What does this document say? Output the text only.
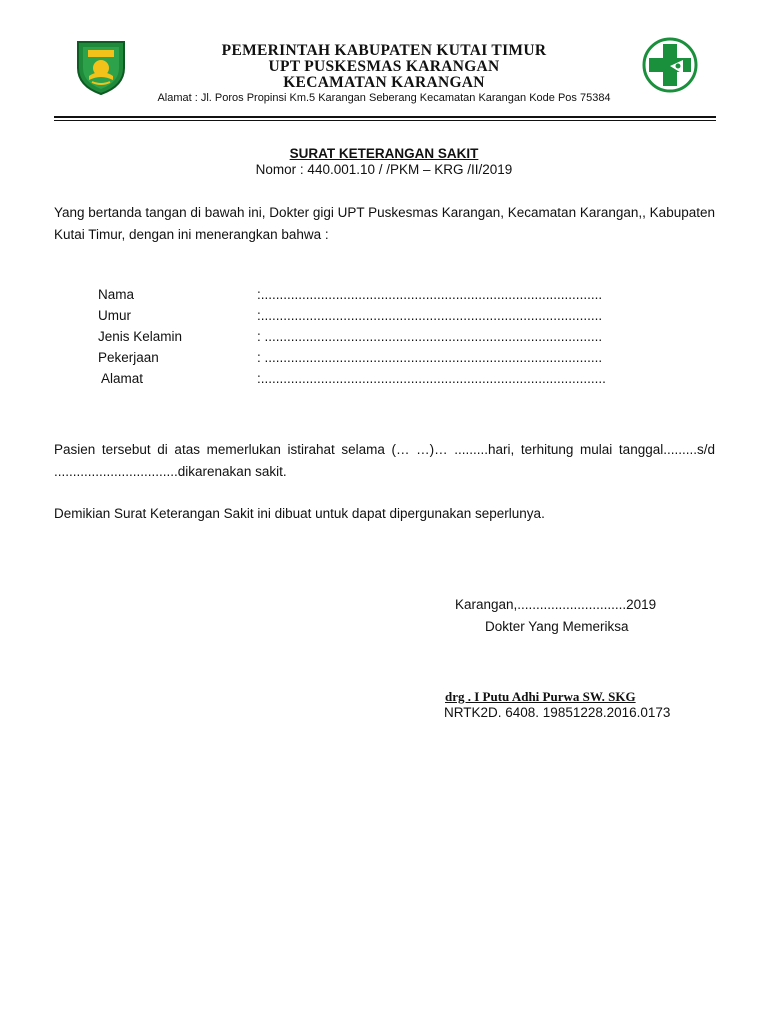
PEMERINTAH KABUPATEN KUTAI TIMUR
UPT PUSKESMAS KARANGAN
KECAMATAN KARANGAN
Alamat : Jl. Poros Propinsi Km.5 Karangan Seberang Kecamatan Karangan Kode Pos 75384
SURAT KETERANGAN SAKIT
Nomor : 440.001.10 / /PKM – KRG /II/2019
Yang bertanda tangan di bawah ini, Dokter gigi UPT Puskesmas Karangan, Kecamatan Karangan,, Kabupaten Kutai Timur, dengan ini menerangkan bahwa :
Nama	:...........................................................................................
Umur	:...........................................................................................
Jenis Kelamin	: ..........................................................................................
Pekerjaan	: ..........................................................................................
Alamat	:............................................................................................
Pasien tersebut di atas memerlukan istirahat selama (… …)… .........hari, terhitung mulai tanggal.........s/d .................................dikarenakan sakit.
Demikian Surat Keterangan Sakit ini dibuat untuk dapat dipergunakan seperlunya.
Karangan,.............................2019
Dokter Yang Memeriksa
drg . I Putu Adhi Purwa SW. SKG
NRTK2D. 6408. 19851228.2016.0173
